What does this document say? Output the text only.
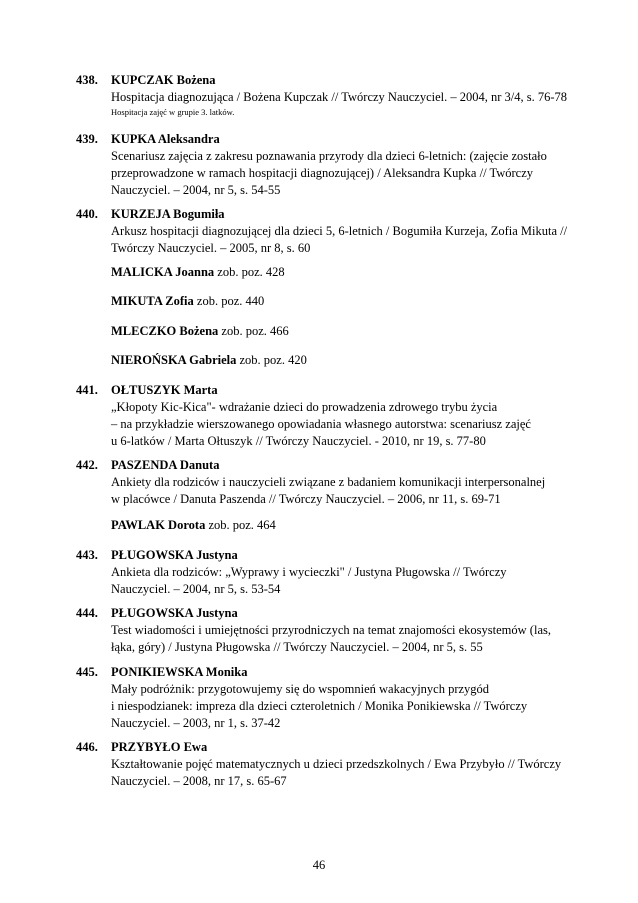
438.	KUPCZAK Bożena
Hospitacja diagnozująca / Bożena Kupczak // Twórczy Nauczyciel. – 2004, nr 3/4, s. 76-78
Hospitacja zajęć w grupie 3. latków.
439.	KUPKA Aleksandra
Scenariusz zajęcia z zakresu poznawania przyrody dla dzieci 6-letnich: (zajęcie zostało
przeprowadzone w ramach hospitacji diagnozującej) / Aleksandra Kupka // Twórczy
Nauczyciel. – 2004, nr 5, s. 54-55
440.	KURZEJA Bogumiła
Arkusz hospitacji diagnozującej dla dzieci 5, 6-letnich / Bogumiła Kurzeja, Zofia Mikuta //
Twórczy Nauczyciel. – 2005, nr 8, s. 60
MALICKA Joanna zob. poz. 428
MIKUTA Zofia zob. poz. 440
MLECZKO Bożena zob. poz. 466
NIEROŃSKA Gabriela zob. poz. 420
441.	OŁTUSZYK Marta
„Kłopoty Kic-Kica"- wdrażanie dzieci do prowadzenia zdrowego trybu życia
– na przykładzie wierszowanego opowiadania własnego autorstwa: scenariusz zajęć
u 6-latków / Marta Ołtuszyk // Twórczy Nauczyciel. - 2010, nr 19, s. 77-80
442.	PASZENDA Danuta
Ankiety dla rodziców i nauczycieli związane z badaniem komunikacji interpersonalnej
w placówce / Danuta Paszenda // Twórczy Nauczyciel. – 2006, nr 11, s. 69-71
PAWLAK Dorota zob. poz. 464
443.	PŁUGOWSKA Justyna
Ankieta dla rodziców: „Wyprawy i wycieczki" / Justyna Pługowska // Twórczy
Nauczyciel. – 2004, nr 5, s. 53-54
444.	PŁUGOWSKA Justyna
Test wiadomości i umiejętności przyrodniczych na temat znajomości ekosystemów (las,
łąka, góry) / Justyna Pługowska // Twórczy Nauczyciel. – 2004, nr 5, s. 55
445.	PONIKIEWSKA Monika
Mały podróżnik: przygotowujemy się do wspomnień wakacyjnych przygód
i niespodzianek: impreza dla dzieci czteroletnich / Monika Ponikiewska // Twórczy
Nauczyciel. – 2003, nr 1, s. 37-42
446.	PRZYBYŁO Ewa
Kształtowanie pojęć matematycznych u dzieci przedszkolnych / Ewa Przybyło // Twórczy
Nauczyciel. – 2008, nr 17, s. 65-67
46
